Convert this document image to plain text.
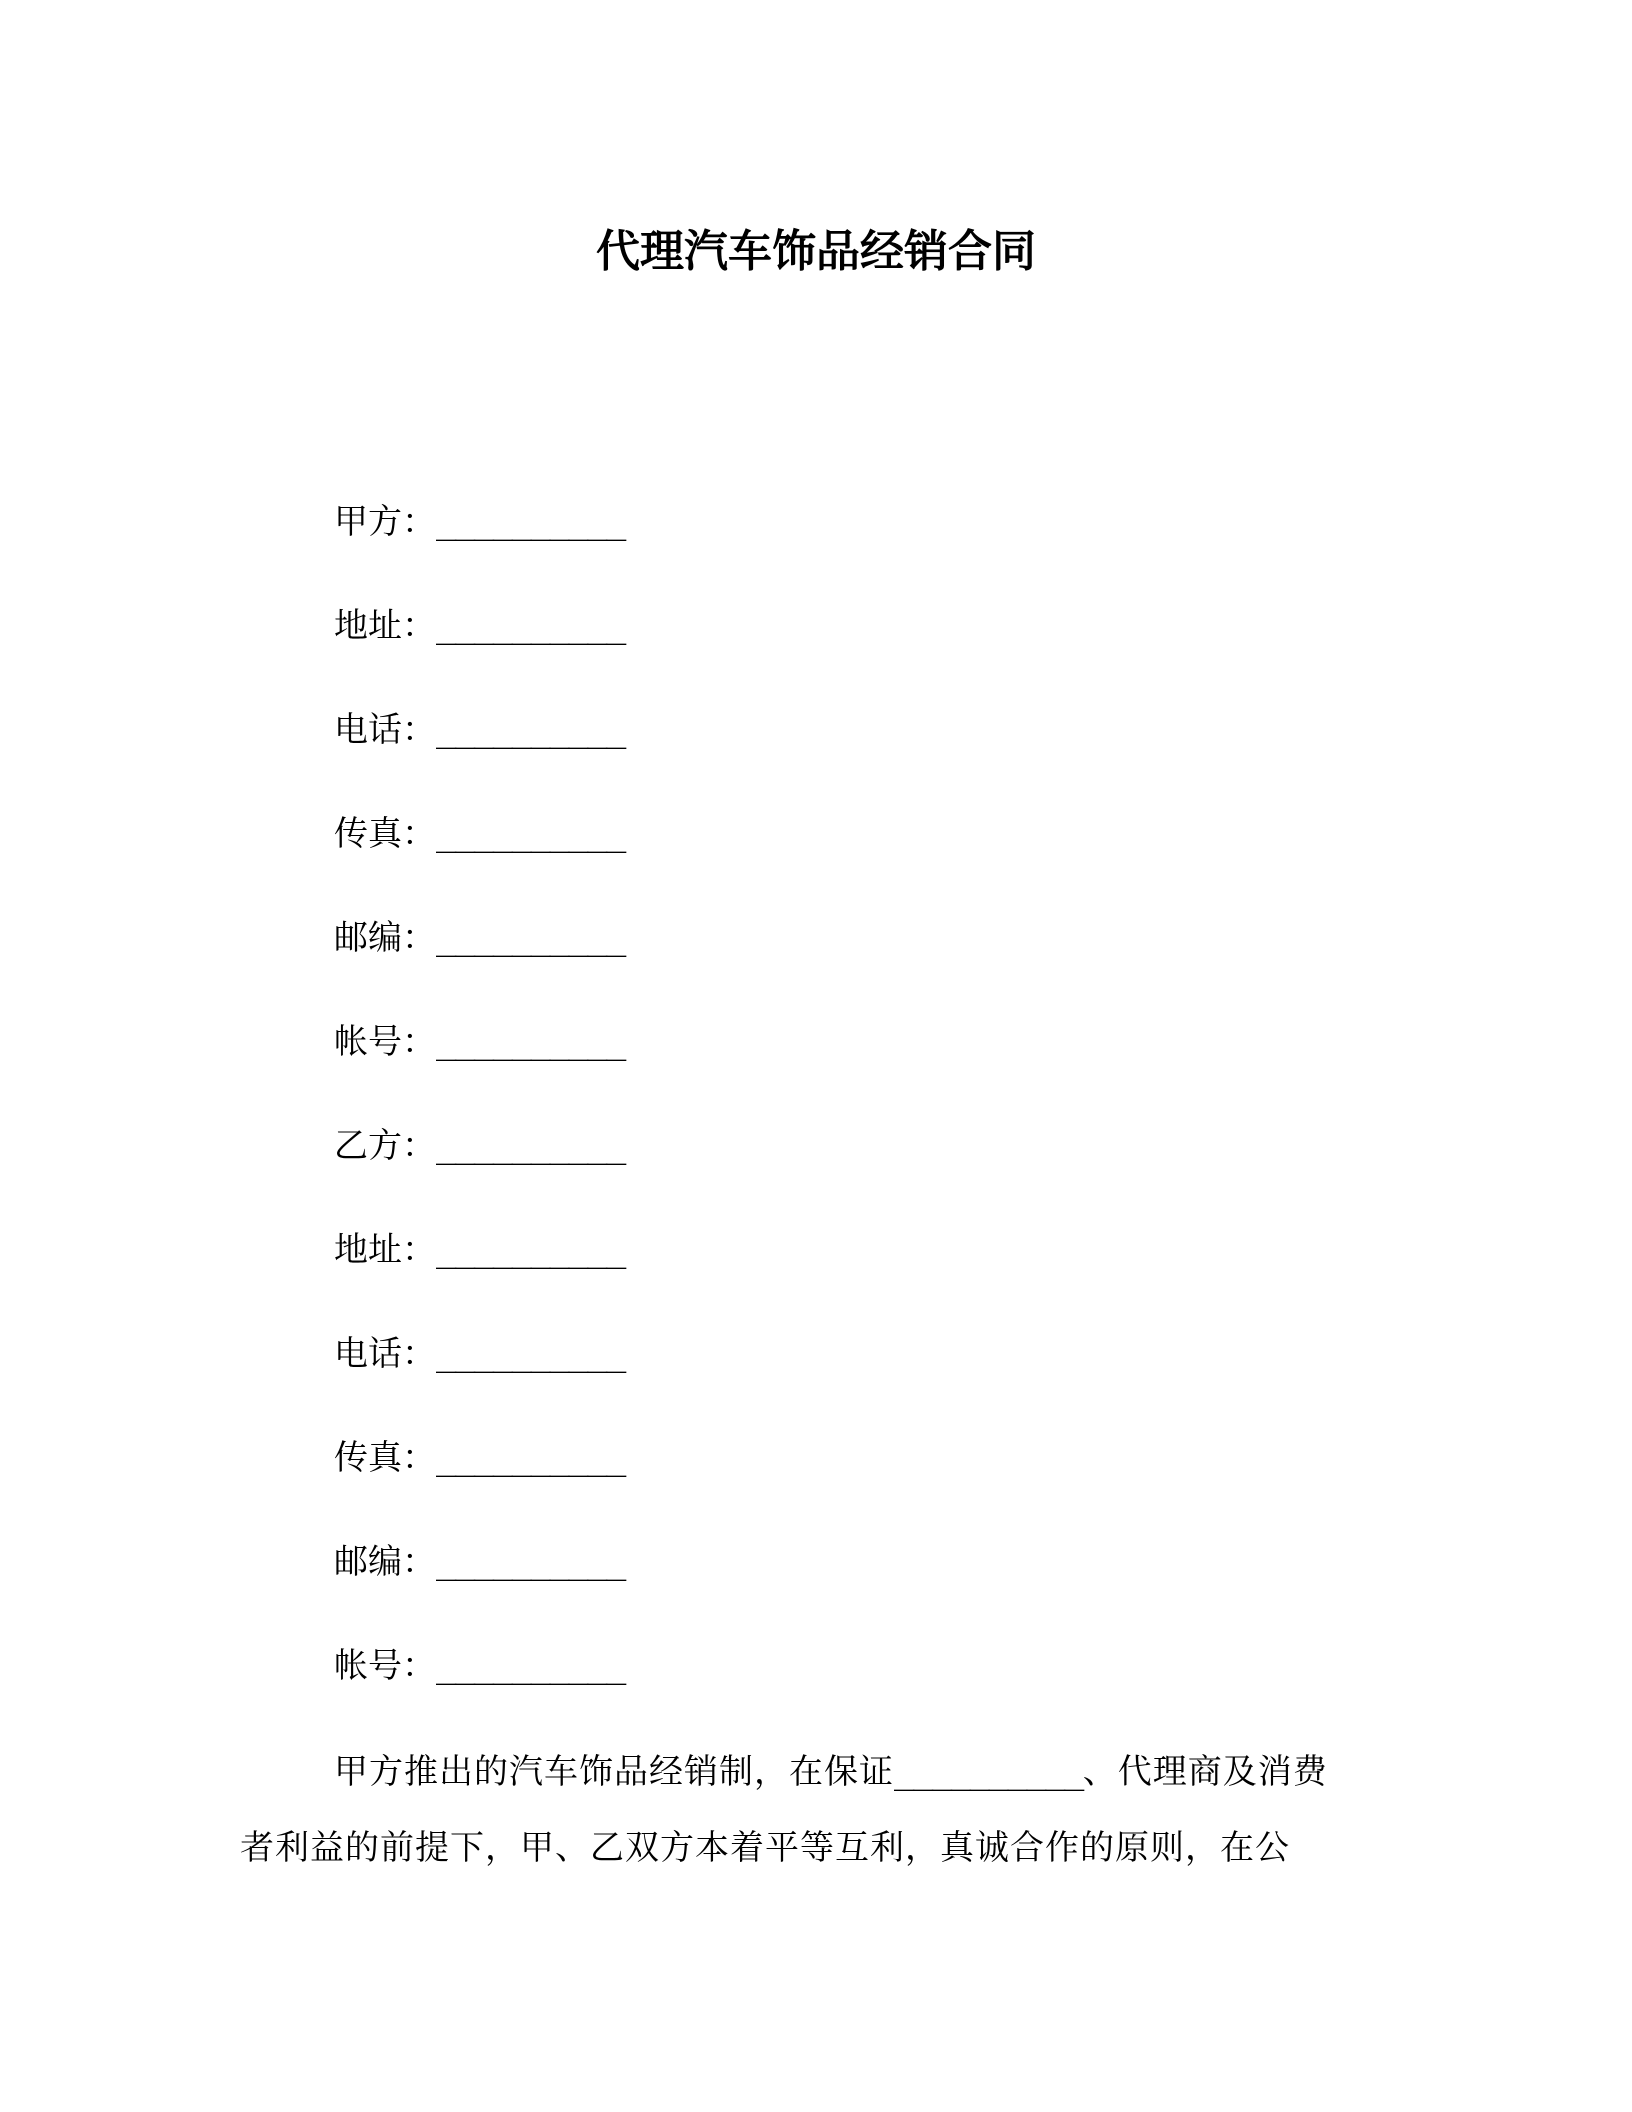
代理汽车饰品经销合同
甲方：__________
地址：__________
电话：__________
传真：__________
邮编：__________
帐号：__________
乙方：__________
地址：__________
电话：__________
传真：__________
邮编：__________
帐号：__________

甲方推出的汽车饰品经销制，在保证__________、代理商及消费
者利益的前提下，甲、乙双方本着平等互利，真诚合作的原则，在公
